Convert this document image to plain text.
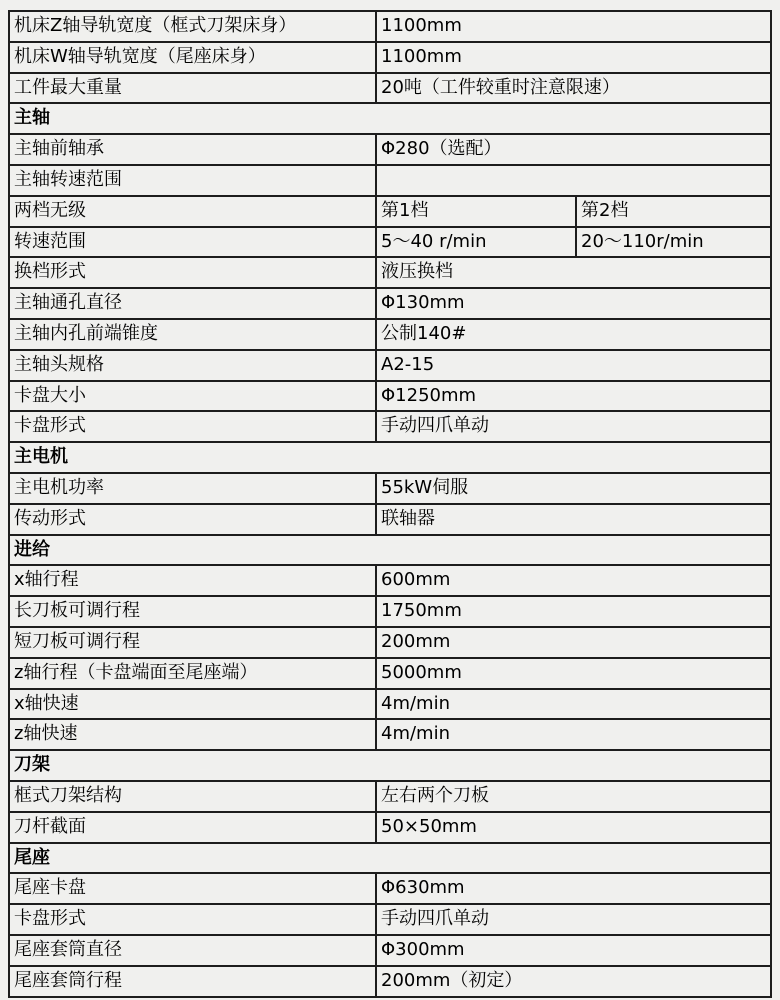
机床Z轴导轨宽度（框式刀架床身）	1100mm	
机床W轴导轨宽度（尾座床身）	1100mm	
工件最大重量	20吨（工件较重时注意限速）	
主轴		
主轴前轴承	Φ280（选配）	
主轴转速范围		
两档无级	第1档	第2档
转速范围	5～40 r/min	20～110r/min
换档形式	液压换档	
主轴通孔直径	Φ130mm	
主轴内孔前端锥度	公制140#	
主轴头规格	A2-15	
卡盘大小	Φ1250mm	
卡盘形式	手动四爪单动	
主电机		
主电机功率	55kW伺服	
传动形式	联轴器	
进给		
x轴行程	600mm	
长刀板可调行程	1750mm	
短刀板可调行程	200mm	
z轴行程（卡盘端面至尾座端）	5000mm	
x轴快速	4m/min	
z轴快速	4m/min	
刀架		
框式刀架结构	左右两个刀板	
刀杆截面	50×50mm	
尾座		
尾座卡盘	Φ630mm	
卡盘形式	手动四爪单动	
尾座套筒直径	Φ300mm	
尾座套筒行程	200mm（初定）	
